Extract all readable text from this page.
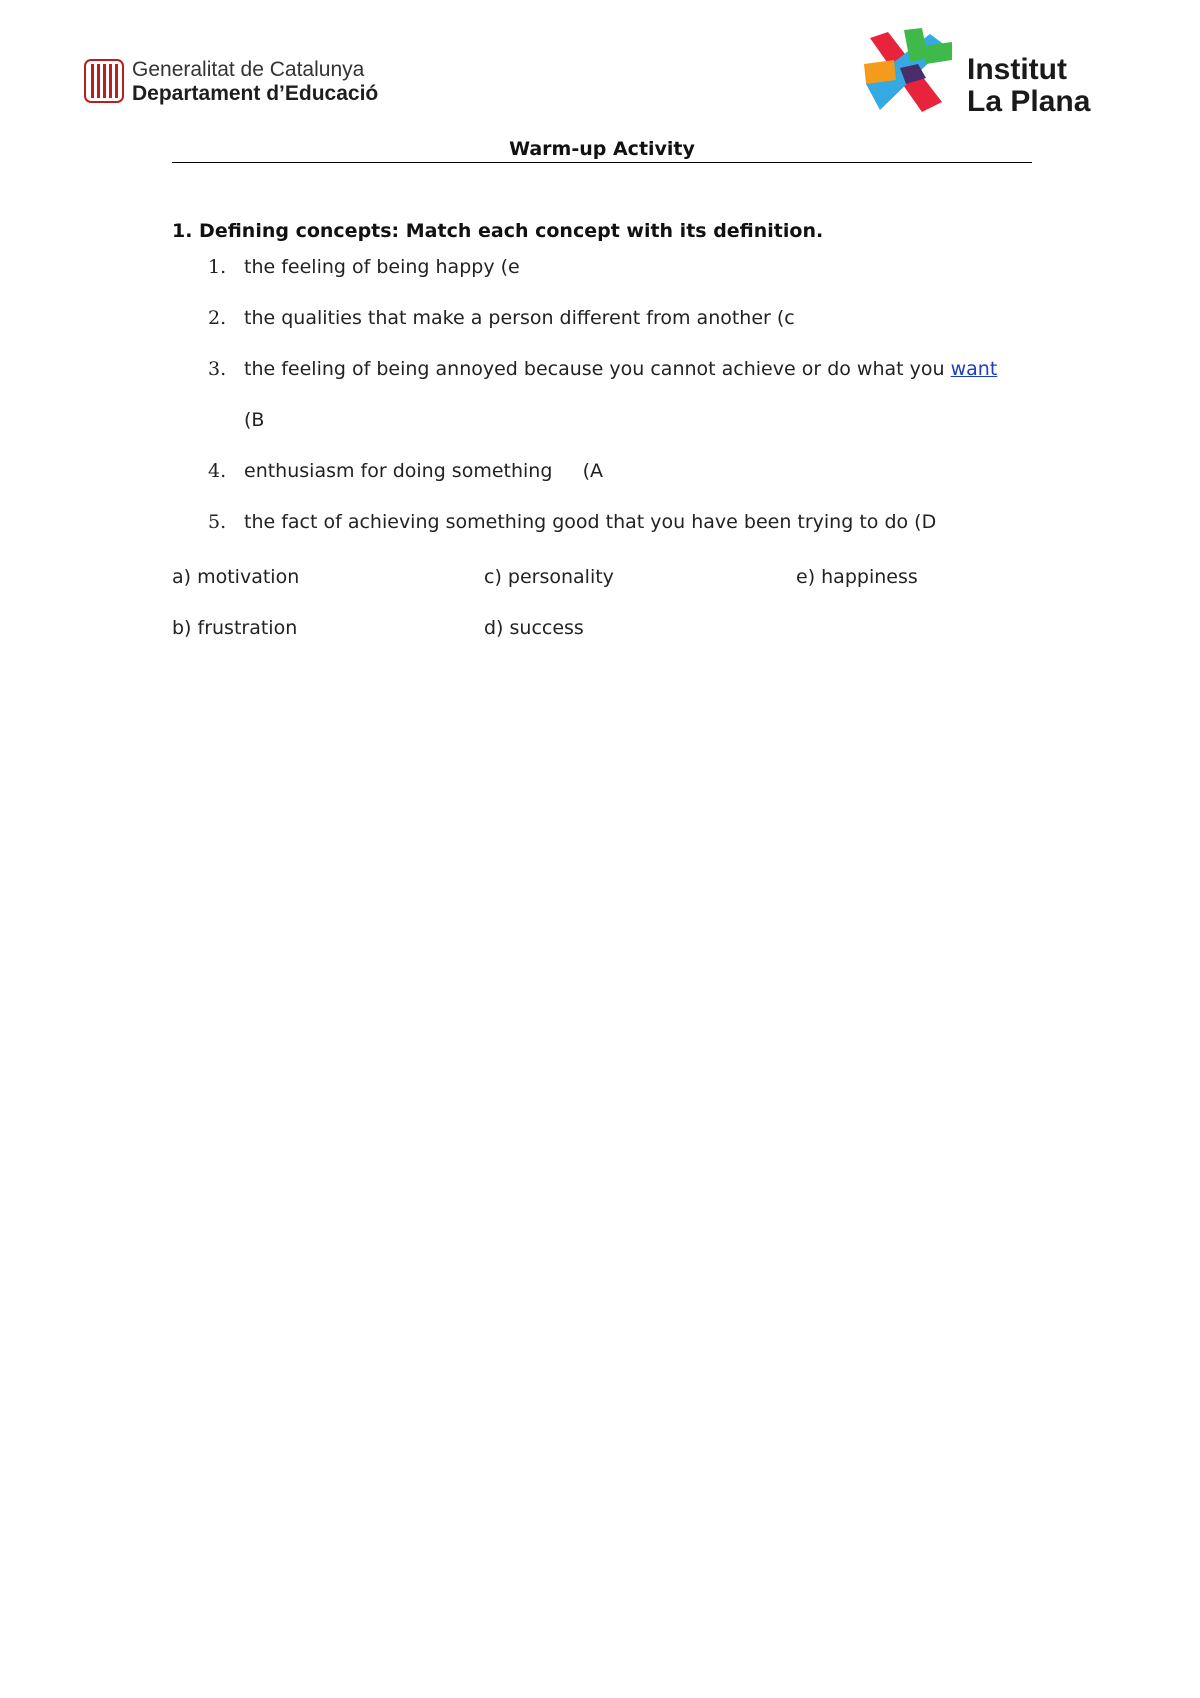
Generalitat de Catalunya
Departament d’Educació
Institut
La Plana
Warm-up Activity
1. Defining concepts: Match each concept with its definition.
1. the feeling of being happy (e
2. the qualities that make a person different from another (c
3. the feeling of being annoyed because you cannot achieve or do what you want
(B
4. enthusiasm for doing something     (A
5. the fact of achieving something good that you have been trying to do (D
a) motivation	c) personality	e) happiness
b) frustration	d) success
